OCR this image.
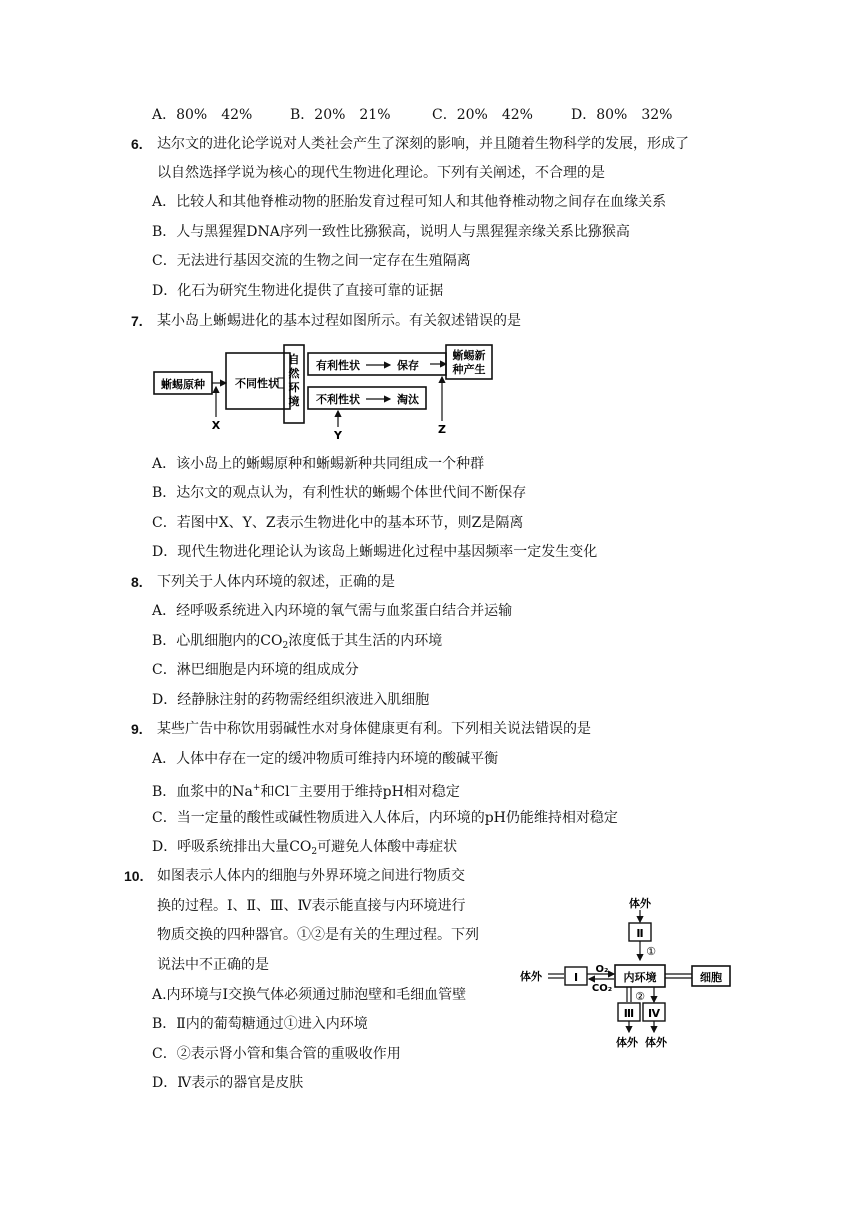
A．80%　42%	B．20%　21%	C．20%　42%	D．80%　32%
6. 达尔文的进化论学说对人类社会产生了深刻的影响，并且随着生物科学的发展，形成了
以自然选择学说为核心的现代生物进化理论。下列有关阐述，不合理的是
A．比较人和其他脊椎动物的胚胎发育过程可知人和其他脊椎动物之间存在血缘关系
B．人与黑猩猩DNA序列一致性比猕猴高，说明人与黑猩猩亲缘关系比猕猴高
C．无法进行基因交流的生物之间一定存在生殖隔离
D．化石为研究生物进化提供了直接可靠的证据
7. 某小岛上蜥蜴进化的基本过程如图所示。有关叙述错误的是
蜥蜴原种	不同性状
自
然
环
境
有利性状	保存
蜥蜴新
种产生
不利性状	淘汰
X
Y	Z
A．该小岛上的蜥蜴原种和蜥蜴新种共同组成一个种群
B．达尔文的观点认为，有利性状的蜥蜴个体世代间不断保存
C．若图中X、Y、Z表示生物进化中的基本环节，则Z是隔离
D．现代生物进化理论认为该岛上蜥蜴进化过程中基因频率一定发生变化
8. 下列关于人体内环境的叙述，正确的是
A．经呼吸系统进入内环境的氧气需与血浆蛋白结合并运输
B．心肌细胞内的$CO_2$浓度低于其生活的内环境
C．淋巴细胞是内环境的组成成分
D．经静脉注射的药物需经组织液进入肌细胞
9. 某些广告中称饮用弱碱性水对身体健康更有利。下列相关说法错误的是
A．人体中存在一定的缓冲物质可维持内环境的酸碱平衡
B．血浆中的Na+和Cl－主要用于维持pH相对稳定
C．当一定量的酸性或碱性物质进入人体后，内环境的pH仍能维持相对稳定
D．呼吸系统排出大量$CO_2$可避免人体酸中毒症状
10. 如图表示人体内的细胞与外界环境之间进行物质交
换的过程。Ⅰ、Ⅱ、Ⅲ、Ⅳ表示能直接与内环境进行
物质交换的四种器官。①②是有关的生理过程。下列
说法中不正确的是
A.内环境与Ⅰ交换气体必须通过肺泡壁和毛细血管壁
B．Ⅱ内的葡萄糖通过①进入内环境
C．②表示肾小管和集合管的重吸收作用
D．Ⅳ表示的器官是皮肤
体外
Ⅱ
①
体外	Ⅰ
O₂
CO₂
内环境	细胞
②
Ⅲ Ⅳ
体外 体外
